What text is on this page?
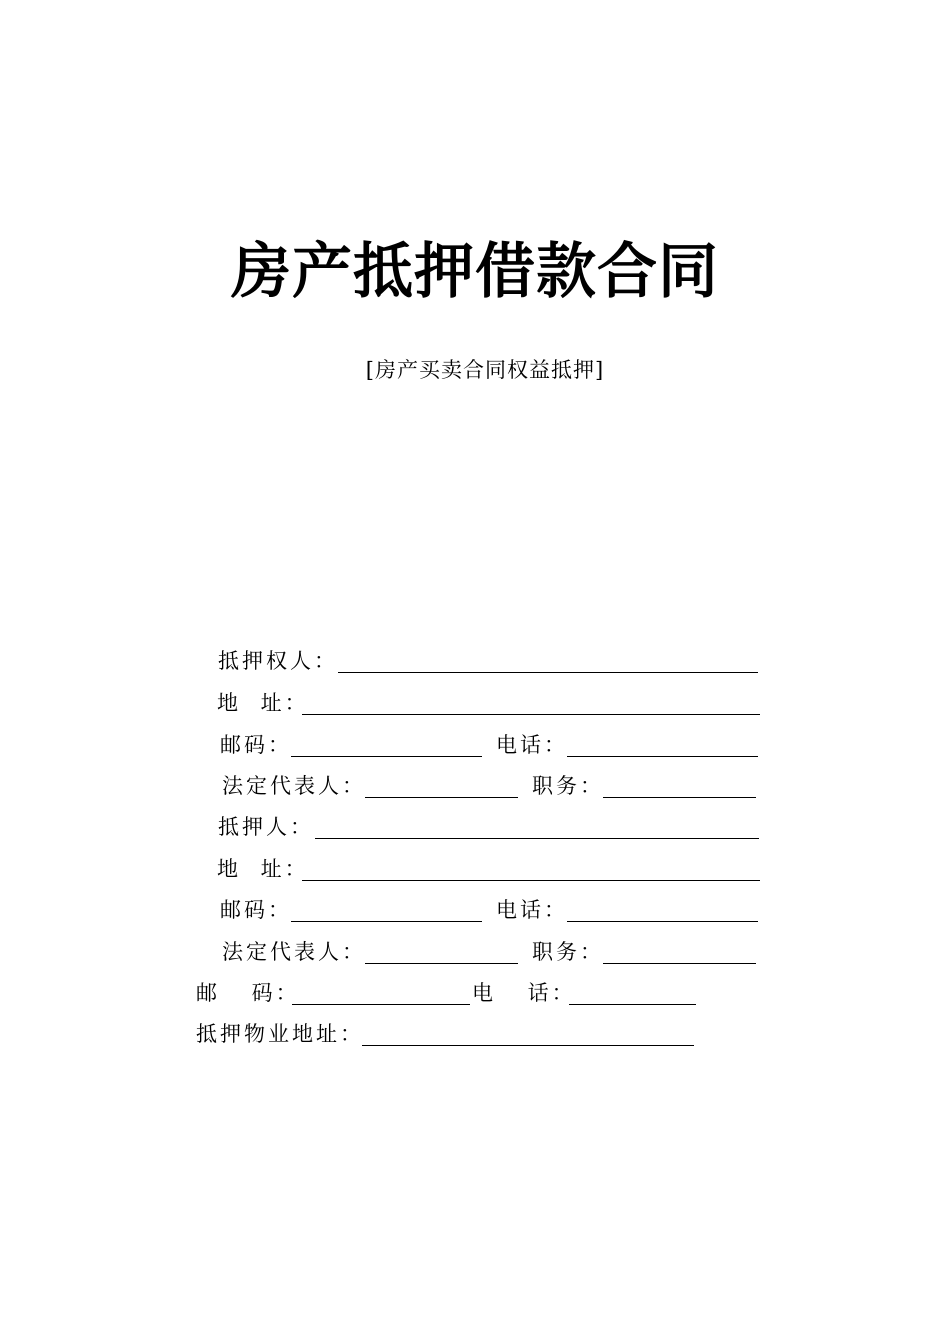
房产抵押借款合同
[房产买卖合同权益抵押]
抵押权人：
地 址：
邮码：	电话：
法定代表人：	职务：
抵押人：
地 址：
邮码：	电话：
法定代表人：	职务：
邮 码：	电 话：
抵押物业地址：
